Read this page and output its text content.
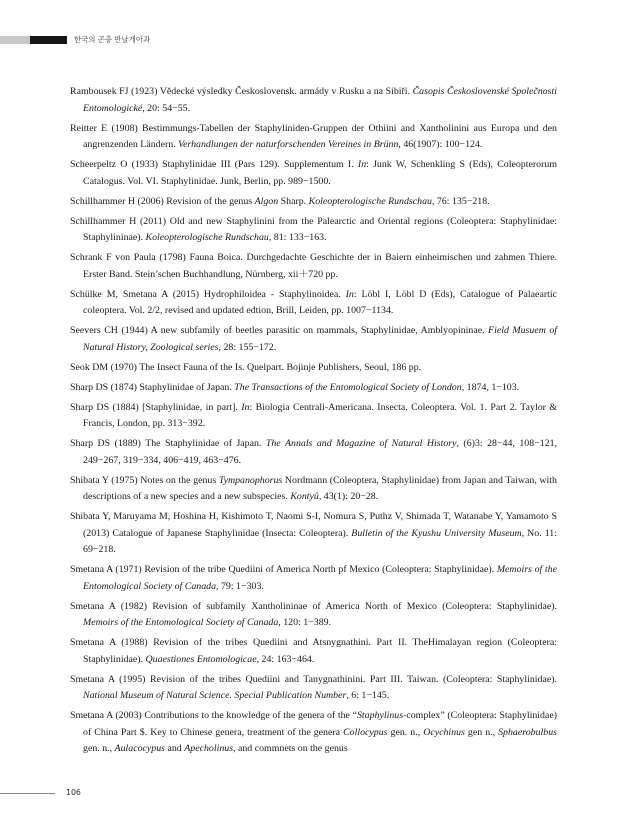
한국의 곤충 반날개아과

Rambousek FJ (1923) Vědecké výsledky Československ. armády v Rusku a na Sibiři. Časopis Československé Společnosti Entomologické, 20: 54−55.

Reitter E (1908) Bestimmungs-Tabellen der Staphyliniden-Gruppen der Othiini and Xantholinini aus Europa und den angrenzenden Ländern. Verhandlungen der naturforschenden Vereines in Brünn, 46(1907): 100−124.

Scheerpeltz O (1933) Staphylinidae III (Pars 129). Supplementum I. In: Junk W, Schenkling S (Eds), Coleopterorum Catalogus. Vol. VI. Staphylinidae. Junk, Berlin, pp. 989−1500.

Schillhammer H (2006) Revision of the genus Algon Sharp. Koleopterologische Rundschau, 76: 135−218.

Schillhammer H (2011) Old and new Staphylinini from the Palearctic and Oriental regions (Coleoptera: Staphylinidae: Staphylininae). Koleopterologische Rundschau, 81: 133−163.

Schrank F von Paula (1798) Fauna Boica. Durchgedachte Geschichte der in Baiern einheimischen und zahmen Thiere. Erster Band. Stein’schen Buchhandlung, Nürnberg, xii＋720 pp.

Schülke M, Smetana A (2015) Hydrophiloidea - Staphylinoidea. In: Löbl I, Löbl D (Eds), Catalogue of Palaeartic coleoptera. Vol. 2/2, revised and updated edtion, Brill, Leiden, pp. 1007−1134.

Seevers CH (1944) A new subfamily of beetles parasitic on mammals, Staphylinidae, Amblyopininae. Field Musuem of Natural History, Zoological series, 28: 155−172.

Seok DM (1970) The Insect Fauna of the Is. Quelpart. Bojinje Publishers, Seoul, 186 pp.

Sharp DS (1874) Staphylinidae of Japan. The Transactions of the Entomological Society of London, 1874, 1−103.

Sharp DS (1884) [Staphylinidae, in part]. In: Biologia Centrali-Americana. Insecta. Coleoptera. Vol. 1. Part 2. Taylor & Francis, London, pp. 313−392.

Sharp DS (1889) The Staphylinidae of Japan. The Annals and Magazine of Natural History, (6)3: 28−44, 108−121, 249−267, 319−334, 406−419, 463−476.

Shibata Y (1975) Notes on the genus Tympanophorus Nordmann (Coleoptera, Staphylinidae) from Japan and Taiwan, with descriptions of a new species and a new subspecies. Kontyû, 43(1): 20−28.

Shibata Y, Maruyama M, Hoshina H, Kishimoto T, Naomi S-I, Nomura S, Puthz V, Shimada T, Watanabe Y, Yamamoto S (2013) Catalogue of Japanese Staphylinidae (Insecta: Coleoptera). Bulletin of the Kyushu University Museum, No. 11: 69−218.

Smetana A (1971) Revision of the tribe Quediini of America North pf Mexico (Coleoptera: Staphylinidae). Memoirs of the Entomological Society of Canada, 79: 1−303.

Smetana A (1982) Revision of subfamily Xantholininae of America North of Mexico (Coleoptera: Staphylinidae). Memoirs of the Entomological Society of Canada, 120: 1−389.

Smetana A (1988) Revision of the tribes Quediini and Atsnygnathini. Part II. TheHimalayan region (Coleoptera: Staphylinidae). Quaestiones Entomologicae, 24: 163−464.

Smetana A (1995) Revision of the tribes Quediini and Tanygnathinini. Part III. Taiwan. (Coleoptera: Staphylinidae). National Museum of Natural Science. Special Publication Number, 6: 1−145.

Smetana A (2003) Contributions to the knowledge of the genera of the “Staphylinus-complex” (Coleoptera: Staphylinidae) of China Part $. Key to Chinese genera, treatment of the genera Collocypus gen. n., Ocychinus gen n., Sphaerobulbus gen. n., Aulacocypus and Apecholinus, and commnets on the genus

106
